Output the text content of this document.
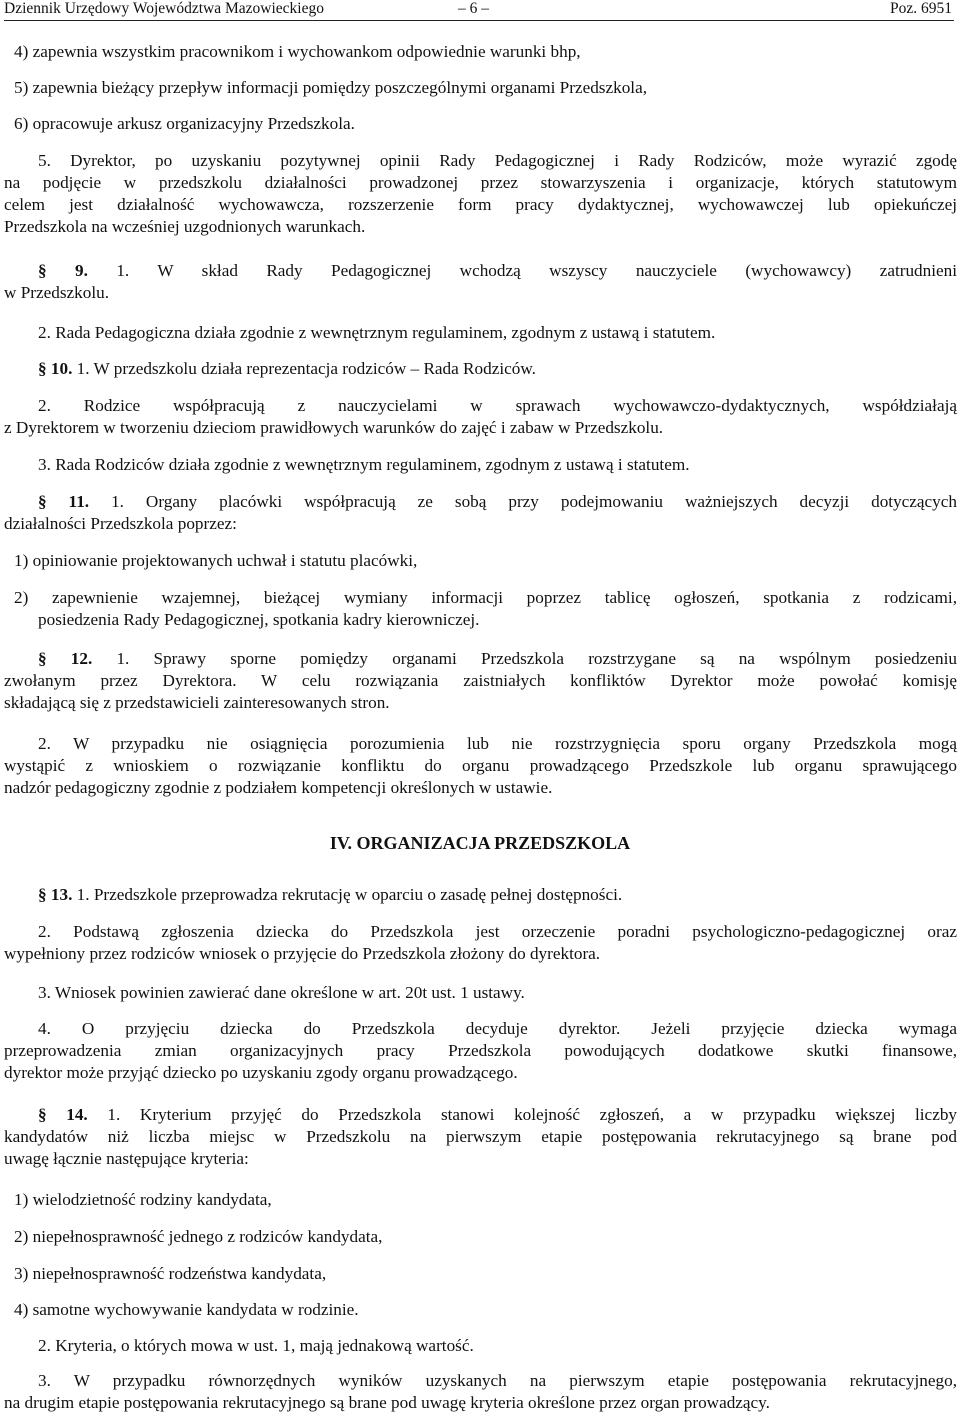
Dziennik Urzędowy Województwa Mazowieckiego	– 6 –	Poz. 6951

4) zapewnia wszystkim pracownikom i wychowankom odpowiednie warunki bhp,

5) zapewnia bieżący przepływ informacji pomiędzy poszczególnymi organami Przedszkola,

6) opracowuje arkusz organizacyjny Przedszkola.

5. Dyrektor, po uzyskaniu pozytywnej opinii Rady Pedagogicznej i Rady Rodziców, może wyrazić zgodę
na podjęcie w przedszkolu działalności prowadzonej przez stowarzyszenia i organizacje, których statutowym
celem jest działalność wychowawcza, rozszerzenie form pracy dydaktycznej, wychowawczej lub opiekuńczej
Przedszkola na wcześniej uzgodnionych warunkach.
§ 9. 1. W skład Rady Pedagogicznej wchodzą wszyscy nauczyciele (wychowawcy) zatrudnieni
w Przedszkolu.

2. Rada Pedagogiczna działa zgodnie z wewnętrznym regulaminem, zgodnym z ustawą i statutem.

§ 10. 1. W przedszkolu działa reprezentacja rodziców – Rada Rodziców.

2. Rodzice współpracują z nauczycielami w sprawach wychowawczo-dydaktycznych, współdziałają
z Dyrektorem w tworzeniu dzieciom prawidłowych warunków do zajęć i zabaw w Przedszkolu.

3. Rada Rodziców działa zgodnie z wewnętrznym regulaminem, zgodnym z ustawą i statutem.

§ 11. 1. Organy placówki współpracują ze sobą przy podejmowaniu ważniejszych decyzji dotyczących
działalności Przedszkola poprzez:

1) opiniowanie projektowanych uchwał i statutu placówki,

2) zapewnienie wzajemnej, bieżącej wymiany informacji poprzez tablicę ogłoszeń, spotkania z rodzicami,
posiedzenia Rady Pedagogicznej, spotkania kadry kierowniczej.
§ 12. 1. Sprawy sporne pomiędzy organami Przedszkola rozstrzygane są na wspólnym posiedzeniu
zwołanym przez Dyrektora. W celu rozwiązania zaistniałych konfliktów Dyrektor może powołać komisję
składającą się z przedstawicieli zainteresowanych stron.
2. W przypadku nie osiągnięcia porozumienia lub nie rozstrzygnięcia sporu organy Przedszkola mogą
wystąpić z wnioskiem o rozwiązanie konfliktu do organu prowadzącego Przedszkole lub organu sprawującego
nadzór pedagogiczny zgodnie z podziałem kompetencji określonych w ustawie.
IV. ORGANIZACJA PRZEDSZKOLA

§ 13. 1. Przedszkole przeprowadza rekrutację w oparciu o zasadę pełnej dostępności.

2. Podstawą zgłoszenia dziecka do Przedszkola jest orzeczenie poradni psychologiczno-pedagogicznej oraz
wypełniony przez rodziców wniosek o przyjęcie do Przedszkola złożony do dyrektora.

3. Wniosek powinien zawierać dane określone w art. 20t ust. 1 ustawy.

4. O przyjęciu dziecka do Przedszkola decyduje dyrektor. Jeżeli przyjęcie dziecka wymaga
przeprowadzenia zmian organizacyjnych pracy Przedszkola powodujących dodatkowe skutki finansowe,
dyrektor może przyjąć dziecko po uzyskaniu zgody organu prowadzącego.
§ 14. 1. Kryterium przyjęć do Przedszkola stanowi kolejność zgłoszeń, a w przypadku większej liczby
kandydatów niż liczba miejsc w Przedszkolu na pierwszym etapie postępowania rekrutacyjnego są brane pod
uwagę łącznie następujące kryteria:

1) wielodzietność rodziny kandydata,

2) niepełnosprawność jednego z rodziców kandydata,

3) niepełnosprawność rodzeństwa kandydata,

4) samotne wychowywanie kandydata w rodzinie.

2. Kryteria, o których mowa w ust. 1, mają jednakową wartość.

3. W przypadku równorzędnych wyników uzyskanych na pierwszym etapie postępowania rekrutacyjnego,
na drugim etapie postępowania rekrutacyjnego są brane pod uwagę kryteria określone przez organ prowadzący.
